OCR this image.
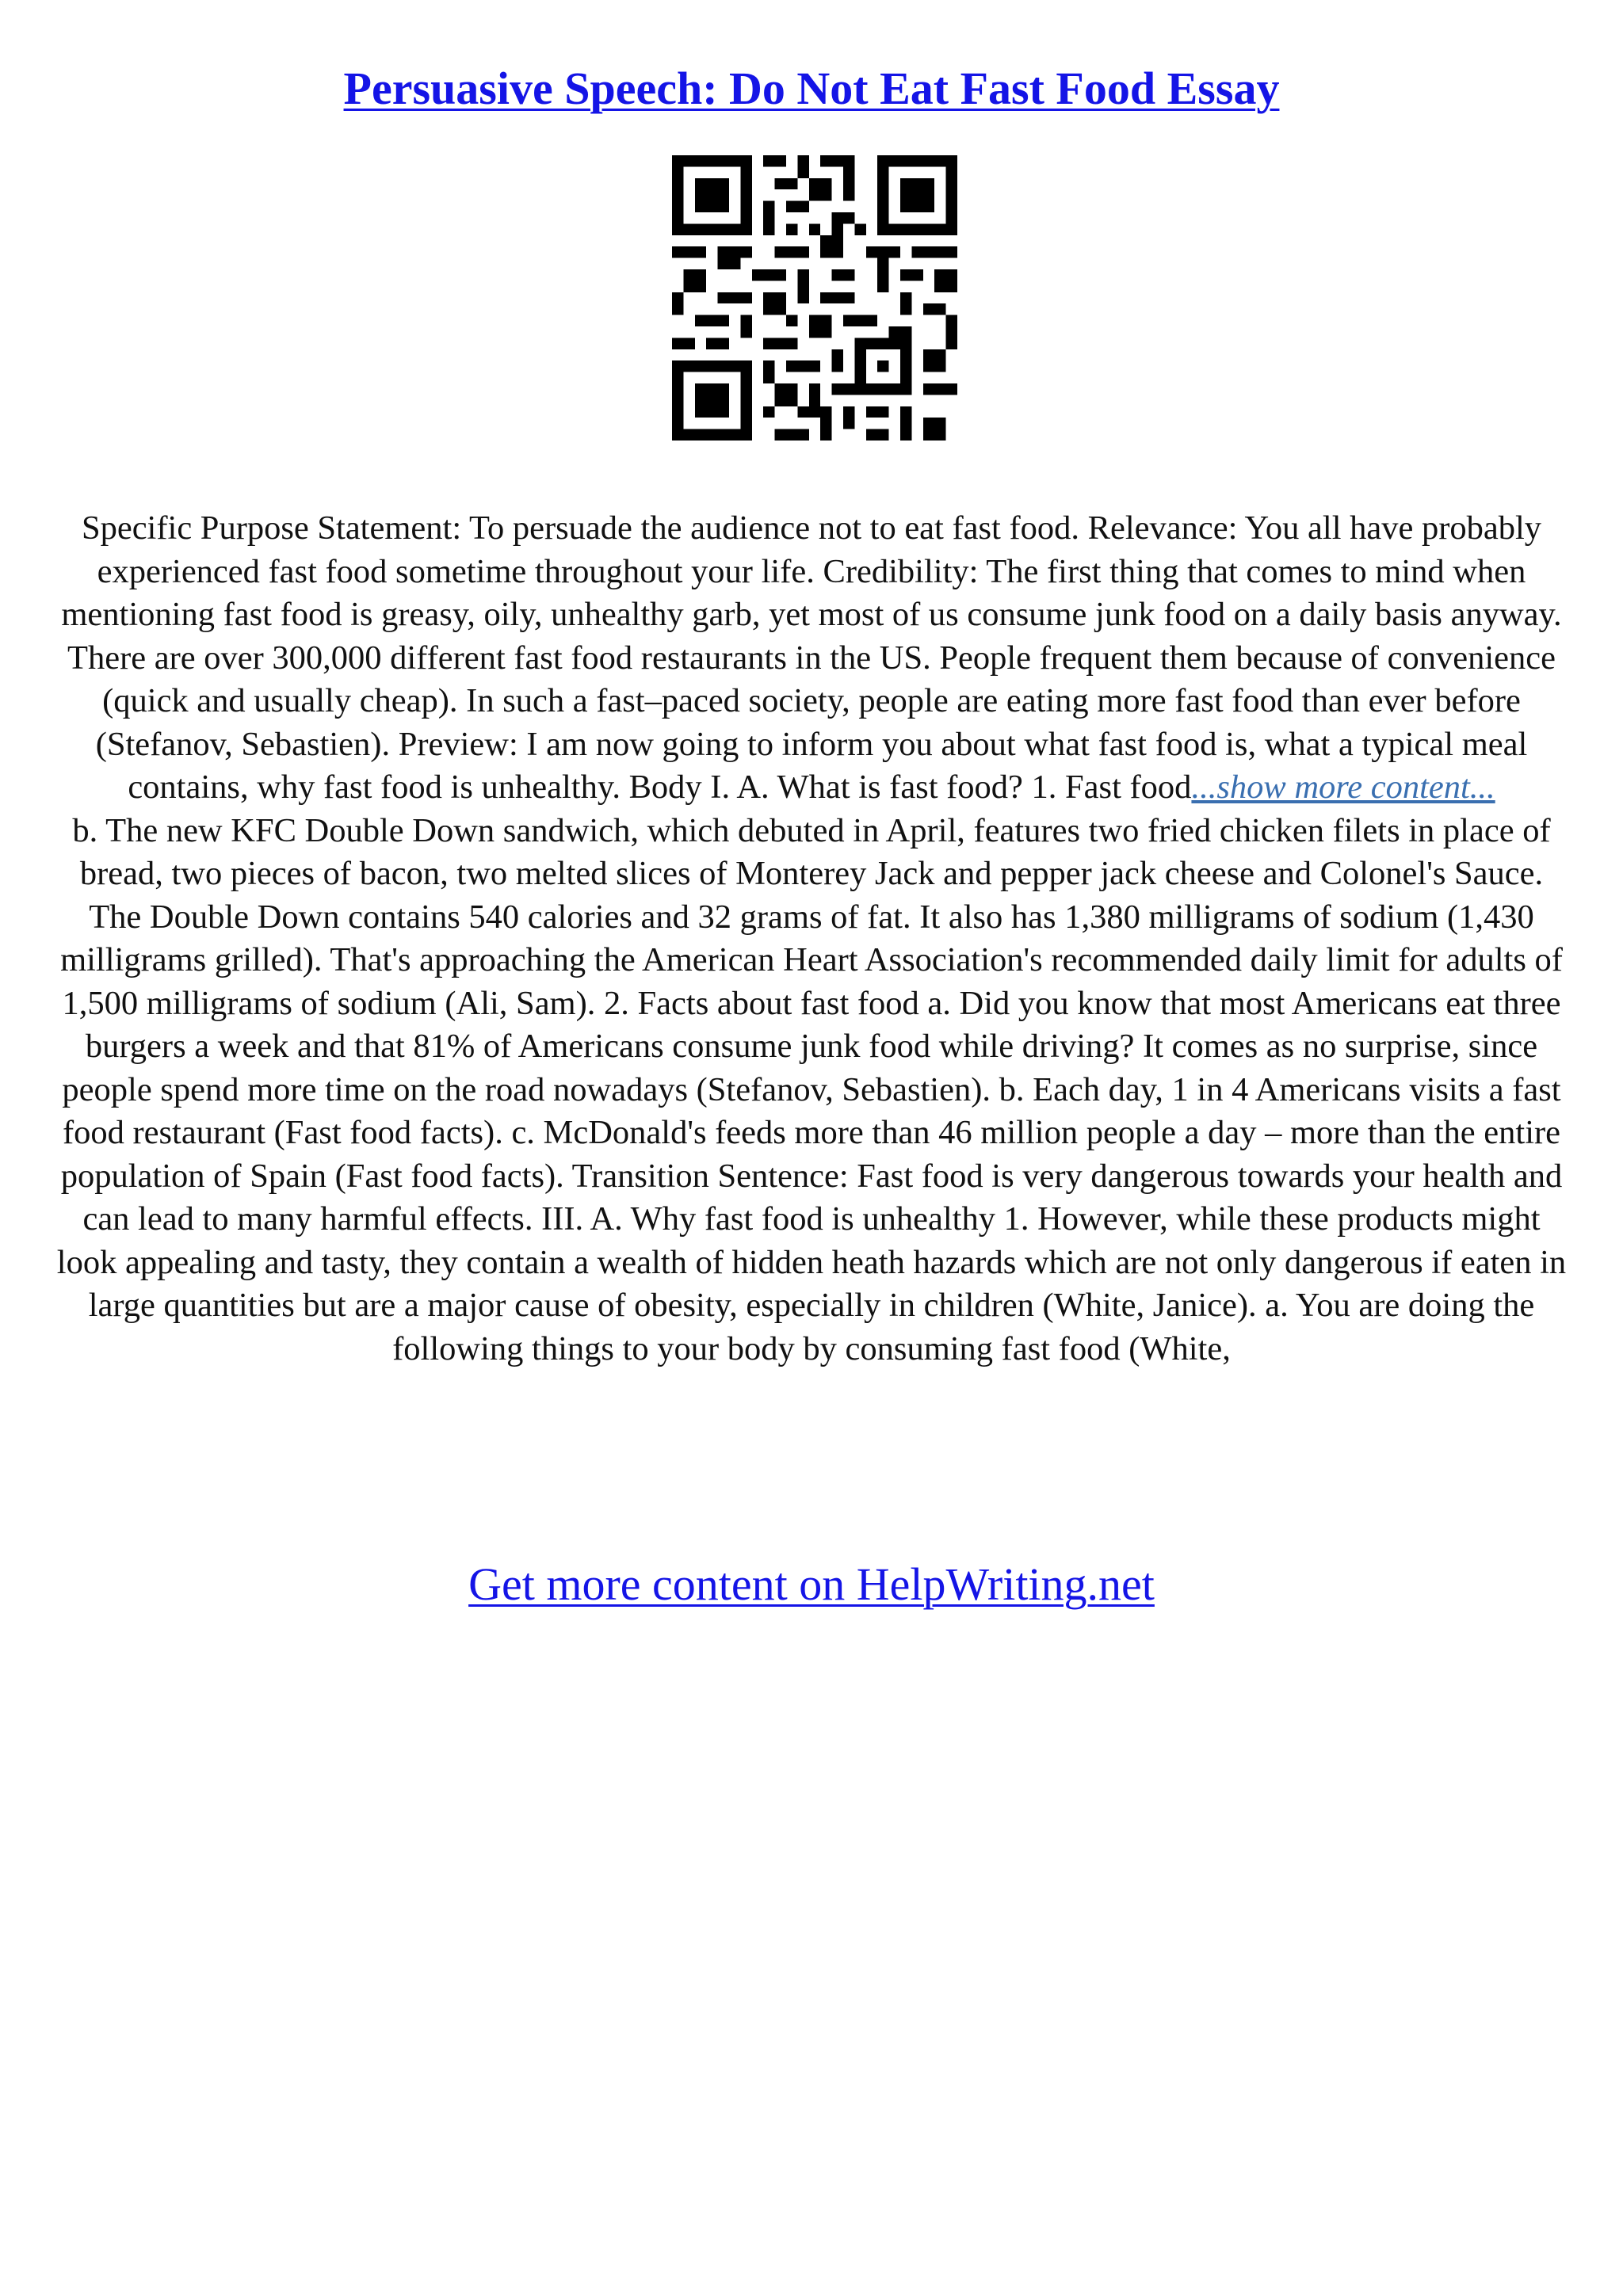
Persuasive Speech: Do Not Eat Fast Food Essay

Specific Purpose Statement: To persuade the audience not to eat fast food. Relevance: You all have probably experienced fast food sometime throughout your life. Credibility: The first thing that comes to mind when mentioning fast food is greasy, oily, unhealthy garb, yet most of us consume junk food on a daily basis anyway. There are over 300,000 different fast food restaurants in the US. People frequent them because of convenience (quick and usually cheap). In such a fast–paced society, people are eating more fast food than ever before (Stefanov, Sebastien). Preview: I am now going to inform you about what fast food is, what a typical meal contains, why fast food is unhealthy. Body I. A. What is fast food? 1. Fast food...show more content...

b. The new KFC Double Down sandwich, which debuted in April, features two fried chicken filets in place of bread, two pieces of bacon, two melted slices of Monterey Jack and pepper jack cheese and Colonel's Sauce. The Double Down contains 540 calories and 32 grams of fat. It also has 1,380 milligrams of sodium (1,430 milligrams grilled). That's approaching the American Heart Association's recommended daily limit for adults of 1,500 milligrams of sodium (Ali, Sam). 2. Facts about fast food a. Did you know that most Americans eat three burgers a week and that 81% of Americans consume junk food while driving? It comes as no surprise, since people spend more time on the road nowadays (Stefanov, Sebastien). b. Each day, 1 in 4 Americans visits a fast food restaurant (Fast food facts). c. McDonald's feeds more than 46 million people a day – more than the entire population of Spain (Fast food facts). Transition Sentence: Fast food is very dangerous towards your health and can lead to many harmful effects. III. A. Why fast food is unhealthy 1. However, while these products might look appealing and tasty, they contain a wealth of hidden heath hazards which are not only dangerous if eaten in large quantities but are a major cause of obesity, especially in children (White, Janice). a. You are doing the following things to your body by consuming fast food (White,

Get more content on HelpWriting.net
